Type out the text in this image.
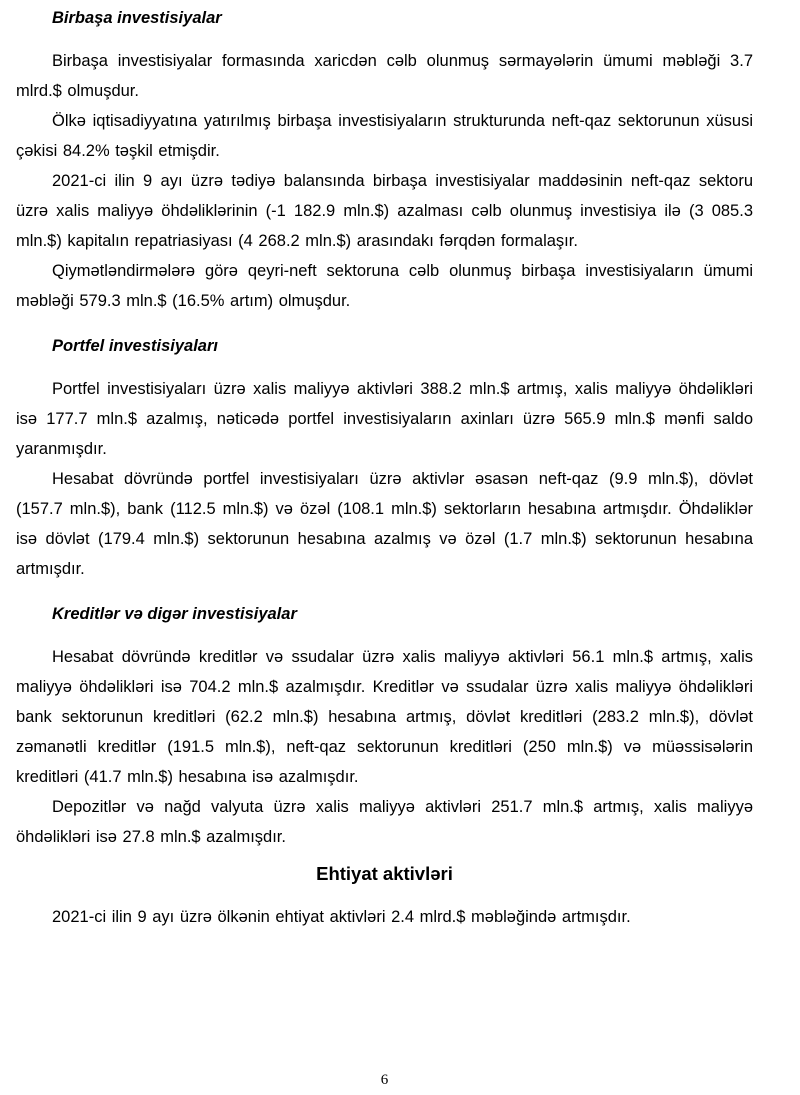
Birbaşa investisiyalar

Birbaşa investisiyalar formasında xaricdən cəlb olunmuş sərmayələrin ümumi məbləği 3.7 mlrd.$ olmuşdur.

Ölkə iqtisadiyyatına yatırılmış birbaşa investisiyaların strukturunda neft-qaz sektorunun xüsusi çəkisi 84.2% təşkil etmişdir.

2021-ci ilin 9 ayı üzrə tədiyə balansında birbaşa investisiyalar maddəsinin neft-qaz sektoru üzrə xalis maliyyə öhdəliklərinin (-1 182.9 mln.$) azalması cəlb olunmuş investisiya ilə (3 085.3 mln.$) kapitalın repatriasiyası (4 268.2 mln.$) arasındakı fərqdən formalaşır.

Qiymətləndirmələrə görə qeyri-neft sektoruna cəlb olunmuş birbaşa investisiyaların ümumi məbləği 579.3 mln.$ (16.5% artım) olmuşdur.

Portfel investisiyaları

Portfel investisiyaları üzrə xalis maliyyə aktivləri 388.2 mln.$ artmış, xalis maliyyə öhdəlikləri isə 177.7 mln.$ azalmış, nəticədə portfel investisiyaların axinları üzrə 565.9 mln.$ mənfi saldo yaranmışdır.

Hesabat dövründə portfel investisiyaları üzrə aktivlər əsasən neft-qaz (9.9 mln.$), dövlət (157.7 mln.$), bank (112.5 mln.$) və özəl (108.1 mln.$) sektorların hesabına artmışdır. Öhdəliklər isə dövlət (179.4 mln.$) sektorunun hesabına azalmış və özəl (1.7 mln.$) sektorunun hesabına artmışdır.

Kreditlər və digər investisiyalar

Hesabat dövründə kreditlər və ssudalar üzrə xalis maliyyə aktivləri 56.1 mln.$ artmış, xalis maliyyə öhdəlikləri isə 704.2 mln.$ azalmışdır. Kreditlər və ssudalar üzrə xalis maliyyə öhdəlikləri bank sektorunun kreditləri (62.2 mln.$) hesabına artmış, dövlət kreditləri (283.2 mln.$), dövlət zəmanətli kreditlər (191.5 mln.$), neft-qaz sektorunun kreditləri (250 mln.$) və müəssisələrin kreditləri (41.7 mln.$) hesabına isə azalmışdır.

Depozitlər və nağd valyuta üzrə xalis maliyyə aktivləri 251.7 mln.$ artmış, xalis maliyyə öhdəlikləri isə 27.8 mln.$ azalmışdır.

Ehtiyat aktivləri

2021-ci ilin 9 ayı üzrə ölkənin ehtiyat aktivləri 2.4 mlrd.$ məbləğində artmışdır.

6
